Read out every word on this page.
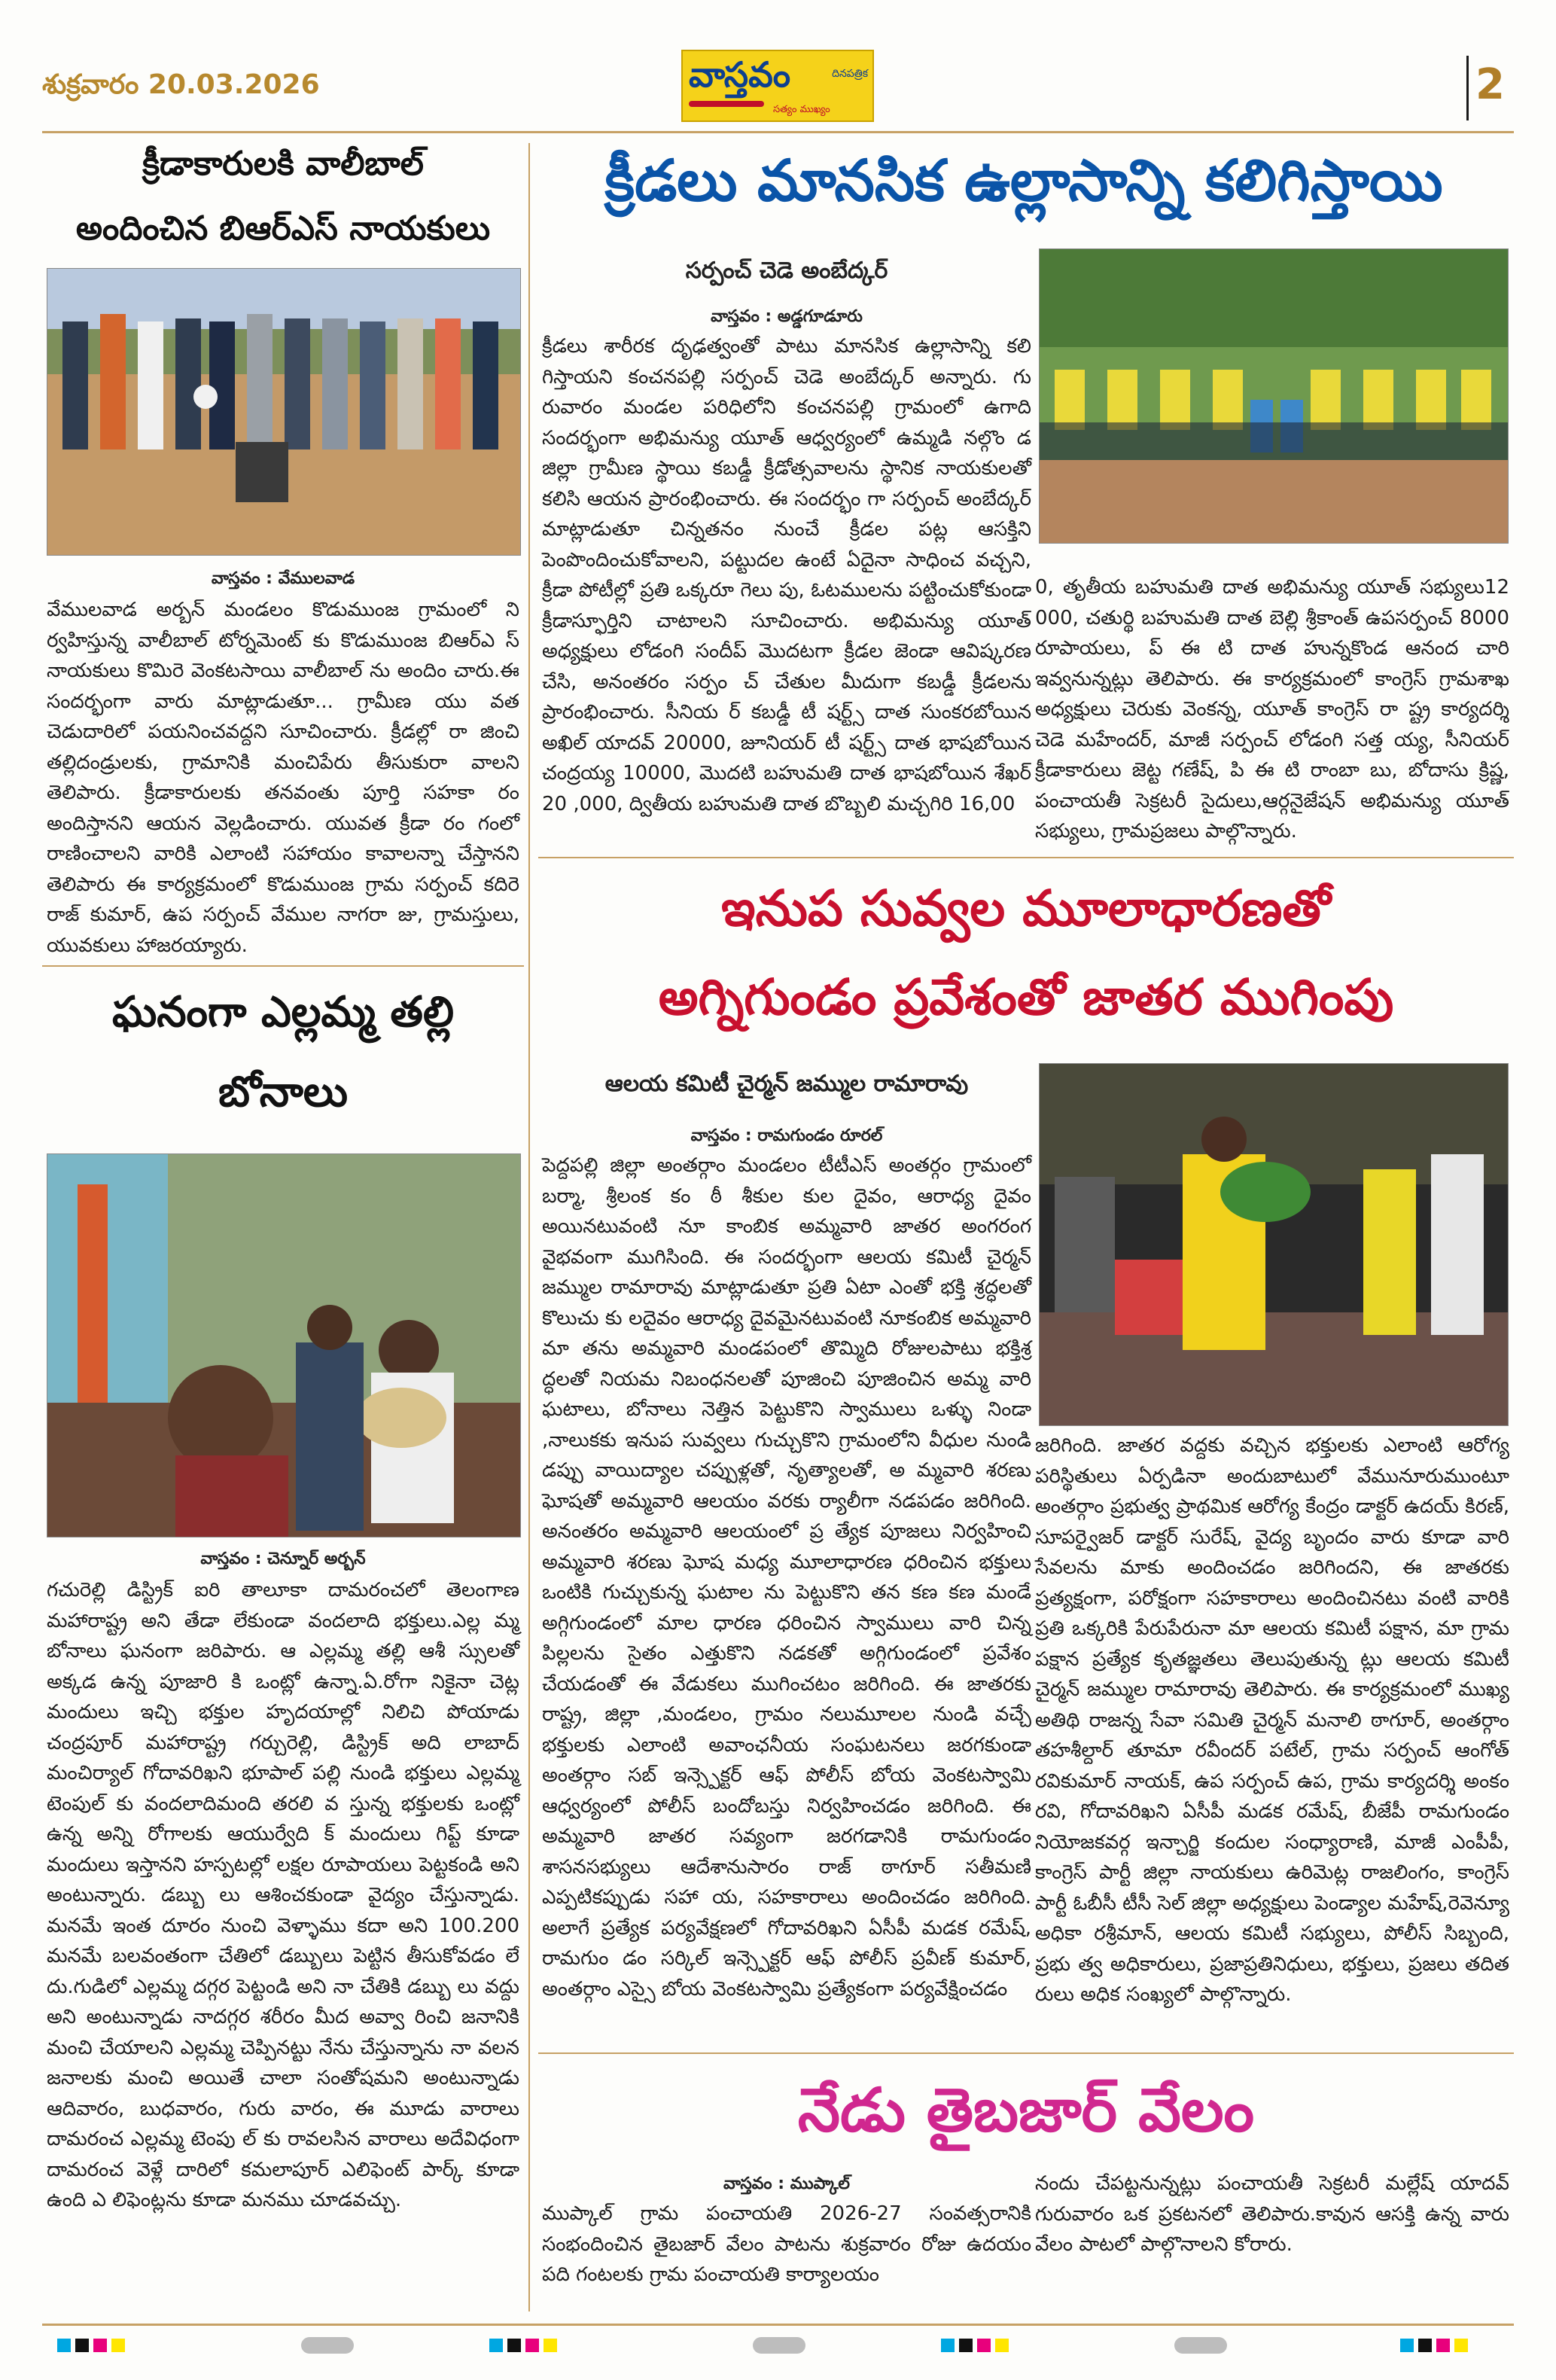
శుక్రవారం 20.03.2026	వాస్తవం	దినపత్రిక
సత్యం ముఖ్యం
2
క్రీడాకారులకి వాలీబాల్
అందించిన బిఆర్ఎస్ నాయకులు
వాస్తవం : వేములవాడ
వేములవాడ అర్బన్ మండలం కొడుముంజ గ్రామంలో ని ర్వహిస్తున్న వాలీబాల్ టోర్నమెంట్ కు కొడుముంజ బిఆర్ఎ స్ నాయకులు కొమిరె వెంకటసాయి వాలీబాల్ ను అందిం చారు.ఈ సందర్భంగా వారు మాట్లాడుతూ... గ్రామీణ యు వత చెడుదారిలో పయనించవద్దని సూచించారు. క్రీడల్లో రా జించి తల్లిదండ్రులకు, గ్రామానికి మంచిపేరు తీసుకురా వాలని తెలిపారు. క్రీడాకారులకు తనవంతు పూర్తి సహకా రం అందిస్తానని ఆయన వెల్లడించారు. యువత క్రీడా రం గంలో రాణించాలని వారికి ఎలాంటి సహాయం కావాలన్నా చేస్తానని తెలిపారు ఈ కార్యక్రమంలో కొడుముంజ గ్రామ సర్పంచ్ కదిరె రాజ్ కుమార్, ఉప సర్పంచ్ వేముల నాగరా జు, గ్రామస్తులు, యువకులు హాజరయ్యారు.
ఘనంగా ఎల్లమ్మ తల్లి
బోనాలు
వాస్తవం : చెన్నూర్ అర్బన్
గచురెల్లి డిస్ట్రిక్ ఐరి తాలూకా దామరంచలో తెలంగాణ మహారాష్ట్ర అని తేడా లేకుండా వందలాది భక్తులు.ఎల్ల మ్మ బోనాలు ఘనంగా జరిపారు. ఆ ఎల్లమ్మ తల్లి ఆశీ స్సులతో అక్కడ ఉన్న పూజారి కి ఒంట్లో ఉన్నా.ఏ.రోగా నికైనా చెట్ల మందులు ఇచ్చి భక్తుల హృదయాల్లో నిలిచి పోయాడు చంద్రపూర్ మహారాష్ట్ర గర్చురెల్లి, డిస్ట్రిక్ అది లాబాద్ మంచిర్యాల్ గోదావరిఖని భూపాల్ పల్లి నుండి భక్తులు ఎల్లమ్మ టెంపుల్ కు వందలాదిమంది తరలి వ స్తున్న భక్తులకు ఒంట్లో ఉన్న అన్ని రోగాలకు ఆయుర్వేది క్ మందులు గిప్ట్ కూడా మందులు ఇస్తానని హస్పటల్లో లక్షల రూపాయలు పెట్టకండి అని అంటున్నారు. డబ్బు లు ఆశించకుండా వైద్యం చేస్తున్నాడు. మనమే ఇంత దూరం నుంచి వెళ్ళాము కదా అని 100.200 మనమే బలవంతంగా చేతిలో డబ్బులు పెట్టిన తీసుకోవడం లే దు.గుడిలో ఎల్లమ్మ దగ్గర పెట్టండి అని నా చేతికి డబ్బు లు వద్దు అని అంటున్నాడు నాదగ్గర శరీరం మీద అవ్వా రించి జనానికి మంచి చేయాలని ఎల్లమ్మ చెప్పినట్టు నేను చేస్తున్నాను నా వలన జనాలకు మంచి అయితే చాలా సంతోషమని అంటున్నాడు ఆదివారం, బుధవారం, గురు వారం, ఈ మూడు వారాలు దామరంచ ఎల్లమ్మ టెంపు ల్ కు రావలసిన వారాలు అదేవిధంగా దామరంచ వెళ్లే దారిలో కమలాపూర్ ఎలిఫెంట్ పార్క్ కూడా ఉంది ఎ లిఫెంట్లను కూడా మనము చూడవచ్చు.
క్రీడలు మానసిక ఉల్లాసాన్ని కలిగిస్తాయి
సర్పంచ్ చెడె అంబేద్కర్
వాస్తవం : అడ్డగూడూరు
క్రీడలు శారీరక దృఢత్వంతో పాటు మానసిక ఉల్లాసాన్ని కలి గిస్తాయని కంచనపల్లి సర్పంచ్ చెడె అంబేద్కర్ అన్నారు. గు రువారం మండల పరిధిలోని కంచనపల్లి గ్రామంలో ఉగాది సందర్భంగా అభిమన్యు యూత్ ఆధ్వర్యంలో ఉమ్మడి నల్గొం డ జిల్లా గ్రామీణ స్థాయి కబడ్డీ క్రీడోత్సవాలను స్థానిక నాయకులతో కలిసి ఆయన ప్రారంభించారు. ఈ సందర్భం గా సర్పంచ్ అంబేద్కర్ మాట్లాడుతూ చిన్నతనం నుంచే క్రీడల పట్ల ఆసక్తిని పెంపొందించుకోవాలని, పట్టుదల ఉంటే ఏదైనా సాధించ వచ్చని, క్రీడా పోటీల్లో ప్రతి ఒక్కరూ గెలు పు, ఓటములను పట్టించుకోకుండా క్రీడాస్ఫూర్తిని చాటాలని సూచించారు. అభిమన్యు యూత్ అధ్యక్షులు లోడంగి సందీప్ మొదటగా క్రీడల జెండా ఆవిష్కరణ చేసి, అనంతరం సర్పం చ్ చేతుల మీదుగా కబడ్డీ క్రీడలను ప్రారంభించారు. సీనియ ర్ కబడ్డీ టీ షర్ట్స్ దాత సుంకరబోయిన అఖిల్ యాదవ్ 20000, జూనియర్ టీ షర్ట్స్ దాత భాషబోయిన చంద్రయ్య 10000, మొదటి బహుమతి దాత భాషబోయిన శేఖర్ 20 ,000, ద్వితీయ బహుమతి దాత బొబ్బలి మచ్చగిరి 16,00
0, తృతీయ బహుమతి దాత అభిమన్యు యూత్ సభ్యులు12 000, చతుర్థి బహుమతి దాత బెల్లి శ్రీకాంత్ ఉపసర్పంచ్ 8000 రూపాయలు, ప్ ఈ టి దాత హున్నకొండ ఆనంద చారి ఇవ్వనున్నట్లు తెలిపారు. ఈ కార్యక్రమంలో కాంగ్రెస్ గ్రామశాఖ అధ్యక్షులు చెరుకు వెంకన్న, యూత్ కాంగ్రెస్ రా ష్ట్ర కార్యదర్శి చెడె మహేందర్, మాజీ సర్పంచ్ లోడంగి సత్త య్య, సీనియర్ క్రీడాకారులు జెట్ట గణేష్, పి ఈ టి రాంబా బు, బోదాసు క్రిష్ణ, పంచాయతీ సెక్రటరీ సైదులు,ఆర్గనైజేషన్ అభిమన్యు యూత్ సభ్యులు, గ్రామప్రజలు పాల్గొన్నారు.
ఇనుప సువ్వల మూలాధారణతో
అగ్నిగుండం ప్రవేశంతో జాతర ముగింపు
ఆలయ కమిటీ చైర్మన్ జమ్ముల రామారావు
వాస్తవం : రామగుండం రూరల్
పెద్దపల్లి జిల్లా అంతర్గాం మండలం టీటీఎస్ అంతర్గం గ్రామంలో బర్మా, శ్రీలంక కం ఠీ శీకుల కుల దైవం, ఆరాధ్య దైవం అయినటువంటి నూ కాంబిక అమ్మవారి జాతర అంగరంగ వైభవంగా ముగిసింది. ఈ సందర్భంగా ఆలయ కమిటీ చైర్మన్ జమ్ముల రామారావు మాట్లాడుతూ ప్రతి ఏటా ఎంతో భక్తి శ్రద్ధలతో కొలుచు కు లదైవం ఆరాధ్య దైవమైనటువంటి నూకంబిక అమ్మవారి మా తను అమ్మవారి మండపంలో తొమ్మిది రోజులపాటు భక్తిశ్ర ద్ధలతో నియమ నిబంధనలతో పూజించి పూజించిన అమ్మ వారి ఘటాలు, బోనాలు నెత్తిన పెట్టుకొని స్వాములు ఒళ్ళు నిండా ,నాలుకకు ఇనుప సువ్వలు గుచ్చుకొని గ్రామంలోని వీధుల నుండి డప్పు వాయిద్యాల చప్పుళ్లతో, నృత్యాలతో, అ మ్మవారి శరణు ఘోషతో అమ్మవారి ఆలయం వరకు ర్యాలీగా నడపడం జరిగింది. అనంతరం అమ్మవారి ఆలయంలో ప్ర త్యేక పూజలు నిర్వహించి అమ్మవారి శరణు ఘోష మధ్య మూలాధారణ ధరించిన భక్తులు ఒంటికి గుచ్చుకున్న ఘటాల ను పెట్టుకొని తన కణ కణ మండే అగ్గిగుండంలో మాల ధారణ ధరించిన స్వాములు వారి చిన్న పిల్లలను సైతం ఎత్తుకొని నడకతో అగ్గిగుండంలో ప్రవేశం చేయడంతో ఈ వేడుకలు ముగించటం జరిగింది. ఈ జాతరకు రాష్ట్ర, జిల్లా ,మండలం, గ్రామం నలుమూలల నుండి వచ్చే భక్తులకు ఎలాంటి అవాంఛనీయ సంఘటనలు జరగకుండా అంతర్గాం సబ్ ఇన్స్పెక్టర్ ఆఫ్ పోలీస్ బోయ వెంకటస్వామి ఆధ్వర్యంలో పోలీస్ బందోబస్తు నిర్వహించడం జరిగింది. ఈ అమ్మవారి జాతర సవ్యంగా జరగడానికి రామగుండం శాసనసభ్యులు ఆదేశానుసారం రాజ్ ఠాగూర్ సతీమణి ఎప్పటికప్పుడు సహా య, సహకారాలు అందించడం జరిగింది. అలాగే ప్రత్యేక పర్యవేక్షణలో గోదావరిఖని ఏసీపీ మడక రమేష్, రామగుం డం సర్కిల్ ఇన్స్పెక్టర్ ఆఫ్ పోలీస్ ప్రవీణ్ కుమార్, అంతర్గాం ఎస్సై బోయ వెంకటస్వామి ప్రత్యేకంగా పర్యవేక్షించడం
జరిగింది. జాతర వద్దకు వచ్చిన భక్తులకు ఎలాంటి ఆరోగ్య పరిస్థితులు ఏర్పడినా అందుబాటులో వేమునూరుముంటూ అంతర్గాం ప్రభుత్వ ప్రాథమిక ఆరోగ్య కేంద్రం డాక్టర్ ఉదయ్ కిరణ్, సూపర్వైజర్ డాక్టర్ సురేష్, వైద్య బృందం వారు కూడా వారి సేవలను మాకు అందించడం జరిగిందని, ఈ జాతరకు ప్రత్యక్షంగా, పరోక్షంగా సహకారాలు అందించినటు వంటి వారికి ప్రతి ఒక్కరికి పేరుపేరునా మా ఆలయ కమిటీ పక్షాన, మా గ్రామ పక్షాన ప్రత్యేక కృతజ్ఞతలు తెలుపుతున్న ట్లు ఆలయ కమిటీ చైర్మన్ జమ్ముల రామారావు తెలిపారు. ఈ కార్యక్రమంలో ముఖ్య అతిథి రాజన్న సేవా సమితి చైర్మన్ మనాలి ఠాగూర్, అంతర్గాం తహశీల్దార్ తూమా రవీందర్ పటేల్, గ్రామ సర్పంచ్ ఆంగోత్ రవికుమార్ నాయక్, ఉప సర్పంచ్ ఉప, గ్రామ కార్యదర్శి అంకం రవి, గోదావరిఖని ఏసీపీ మడక రమేష్, బీజేపీ రామగుండం నియోజకవర్గ ఇన్చార్జి కందుల సంధ్యారాణి, మాజీ ఎంపీపీ, కాంగ్రెస్ పార్టీ జిల్లా నాయకులు ఉరిమెట్ల రాజలింగం, కాంగ్రెస్ పార్టీ ఓబీసీ టీసీ సెల్ జిల్లా అధ్యక్షులు పెండ్యాల మహేష్,రెవెన్యూ అధికా రశ్రీమాన్, ఆలయ కమిటీ సభ్యులు, పోలీస్ సిబ్బంది, ప్రభు త్వ అధికారులు, ప్రజాప్రతినిధులు, భక్తులు, ప్రజలు తదిత రులు అధిక సంఖ్యలో పాల్గొన్నారు.
నేడు తైబజార్ వేలం
వాస్తవం : ముప్కాల్
ముప్కాల్ గ్రామ పంచాయతి 2026-27 సంవత్సరానికి సంభందించిన తైబజార్ వేలం పాటను శుక్రవారం రోజు ఉదయం పది గంటలకు గ్రామ పంచాయతి కార్యాలయం
నందు చేపట్టనున్నట్లు పంచాయతీ సెక్రటరీ మల్లేష్ యాదవ్ గురువారం ఒక ప్రకటనలో తెలిపారు.కావున ఆసక్తి ఉన్న వారు వేలం పాటలో పాల్గొనాలని కోరారు.
